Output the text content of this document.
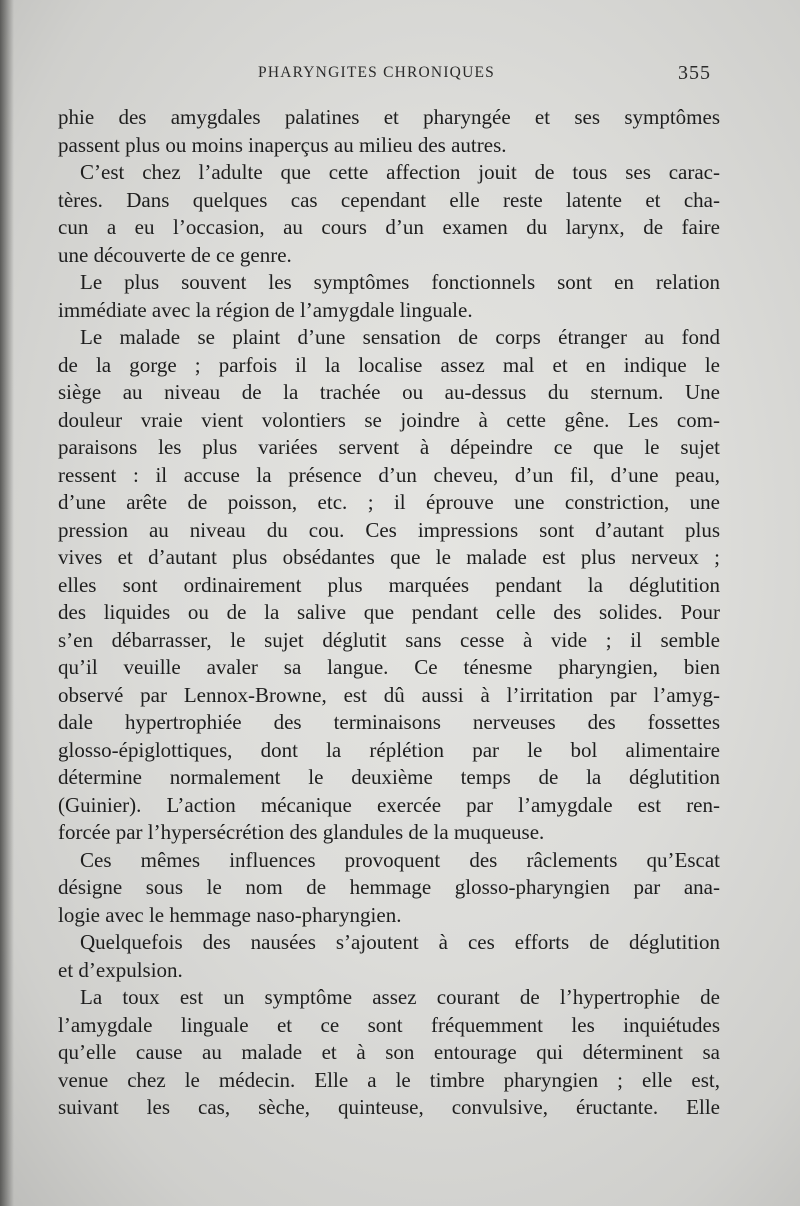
PHARYNGITES CHRONIQUES	355
phie des amygdales palatines et pharyngée et ses symptômes
passent plus ou moins inaperçus au milieu des autres.
C’est chez l’adulte que cette affection jouit de tous ses carac-
tères. Dans quelques cas cependant elle reste latente et cha-
cun a eu l’occasion, au cours d’un examen du larynx, de faire
une découverte de ce genre.
Le plus souvent les symptômes fonctionnels sont en relation
immédiate avec la région de l’amygdale linguale.
Le malade se plaint d’une sensation de corps étranger au fond
de la gorge ; parfois il la localise assez mal et en indique le
siège au niveau de la trachée ou au-dessus du sternum. Une
douleur vraie vient volontiers se joindre à cette gêne. Les com-
paraisons les plus variées servent à dépeindre ce que le sujet
ressent : il accuse la présence d’un cheveu, d’un fil, d’une peau,
d’une arête de poisson, etc. ; il éprouve une constriction, une
pression au niveau du cou. Ces impressions sont d’autant plus
vives et d’autant plus obsédantes que le malade est plus nerveux ;
elles sont ordinairement plus marquées pendant la déglutition
des liquides ou de la salive que pendant celle des solides. Pour
s’en débarrasser, le sujet déglutit sans cesse à vide ; il semble
qu’il veuille avaler sa langue. Ce ténesme pharyngien, bien
observé par Lennox-Browne, est dû aussi à l’irritation par l’amyg-
dale hypertrophiée des terminaisons nerveuses des fossettes
glosso-épiglottiques, dont la réplétion par le bol alimentaire
détermine normalement le deuxième temps de la déglutition
(Guinier). L’action mécanique exercée par l’amygdale est ren-
forcée par l’hypersécrétion des glandules de la muqueuse.
Ces mêmes influences provoquent des râclements qu’Escat
désigne sous le nom de hemmage glosso-pharyngien par ana-
logie avec le hemmage naso-pharyngien.
Quelquefois des nausées s’ajoutent à ces efforts de déglutition
et d’expulsion.
La toux est un symptôme assez courant de l’hypertrophie de
l’amygdale linguale et ce sont fréquemment les inquiétudes
qu’elle cause au malade et à son entourage qui déterminent sa
venue chez le médecin. Elle a le timbre pharyngien ; elle est,
suivant les cas, sèche, quinteuse, convulsive, éructante. Elle
